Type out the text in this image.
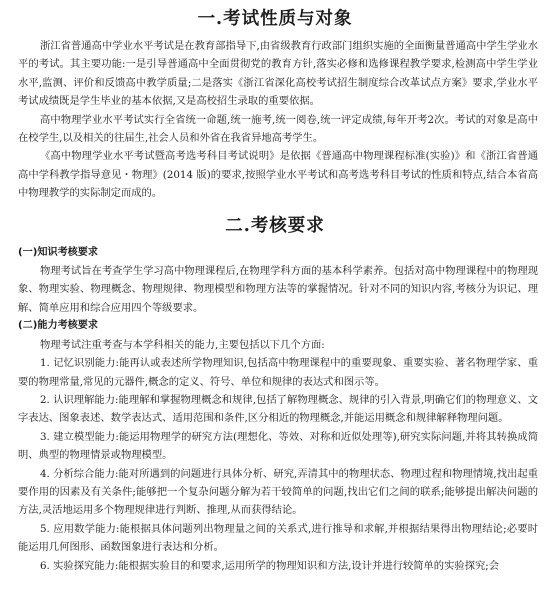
一.考试性质与对象

浙江省普通高中学业水平考试是在教育部指导下,由省级教育行政部门组织实施的全面衡量普通高中学生学业水平的考试。其主要功能:一是引导普通高中全面贯彻党的教育方针,落实必修和选修课程教学要求,检测高中学生学业水平,监测、评价和反馈高中教学质量;二是落实《浙江省深化高校考试招生制度综合改革试点方案》要求,学业水平考试成绩既是学生毕业的基本依据,又是高校招生录取的重要依据。

高中物理学业水平考试实行全省统一命题,统一施考,统一阅卷,统一评定成绩,每年开考2次。考试的对象是高中在校学生,以及相关的往届生,社会人员和外省在我省异地高考学生。

《高中物理学业水平考试暨高考选考科目考试说明》是依据《普通高中物理课程标准(实验)》和《浙江省普通高中学科教学指导意见・物理》(2014 版)的要求,按照学业水平考试和高考选考科目考试的性质和特点,结合本省高中物理教学的实际制定而成的。

二.考核要求

(一)知识考核要求

物理考试旨在考查学生学习高中物理课程后,在物理学科方面的基本科学素养。包括对高中物理课程中的物理现象、物理实验、物理概念、物理规律、物理模型和物理方法等的掌握情况。针对不同的知识内容,考核分为识记、理解、简单应用和综合应用四个等级要求。

(二)能力考核要求

物理考试注重考查与本学科相关的能力,主要包括以下几个方面:

1. 记忆识别能力:能再认或表述所学物理知识,包括高中物理课程中的重要现象、重要实验、著名物理学家、重要的物理常量,常见的元器件,概念的定义、符号、单位和规律的表达式和图示等。

2. 认识理解能力:能理解和掌握物理概念和规律,包括了解物理概念、规律的引入背景,明确它们的物理意义、文字表达、图象表述、数学表达式、适用范围和条件,区分相近的物理概念,并能运用概念和规律解释物理问题。

3. 建立模型能力:能运用物理学的研究方法(理想化、等效、对称和近似处理等),研究实际问题,并将其转换成简明、典型的物理情景或物理模型。

4. 分析综合能力:能对所遇到的问题进行具体分析、研究,弄清其中的物理状态、物理过程和物理情境,找出起重要作用的因素及有关条件;能够把一个复杂问题分解为若干较简单的问题,找出它们之间的联系;能够提出解决问题的方法,灵活地运用多个物理规律进行判断、推理,从而获得结论。

5. 应用数学能力:能根据具体问题列出物理量之间的关系式,进行推导和求解,并根据结果得出物理结论;必要时能运用几何图形、函数图象进行表达和分析。

6. 实验探究能力:能根据实验目的和要求,运用所学的物理知识和方法,设计并进行较简单的实验探究;会
